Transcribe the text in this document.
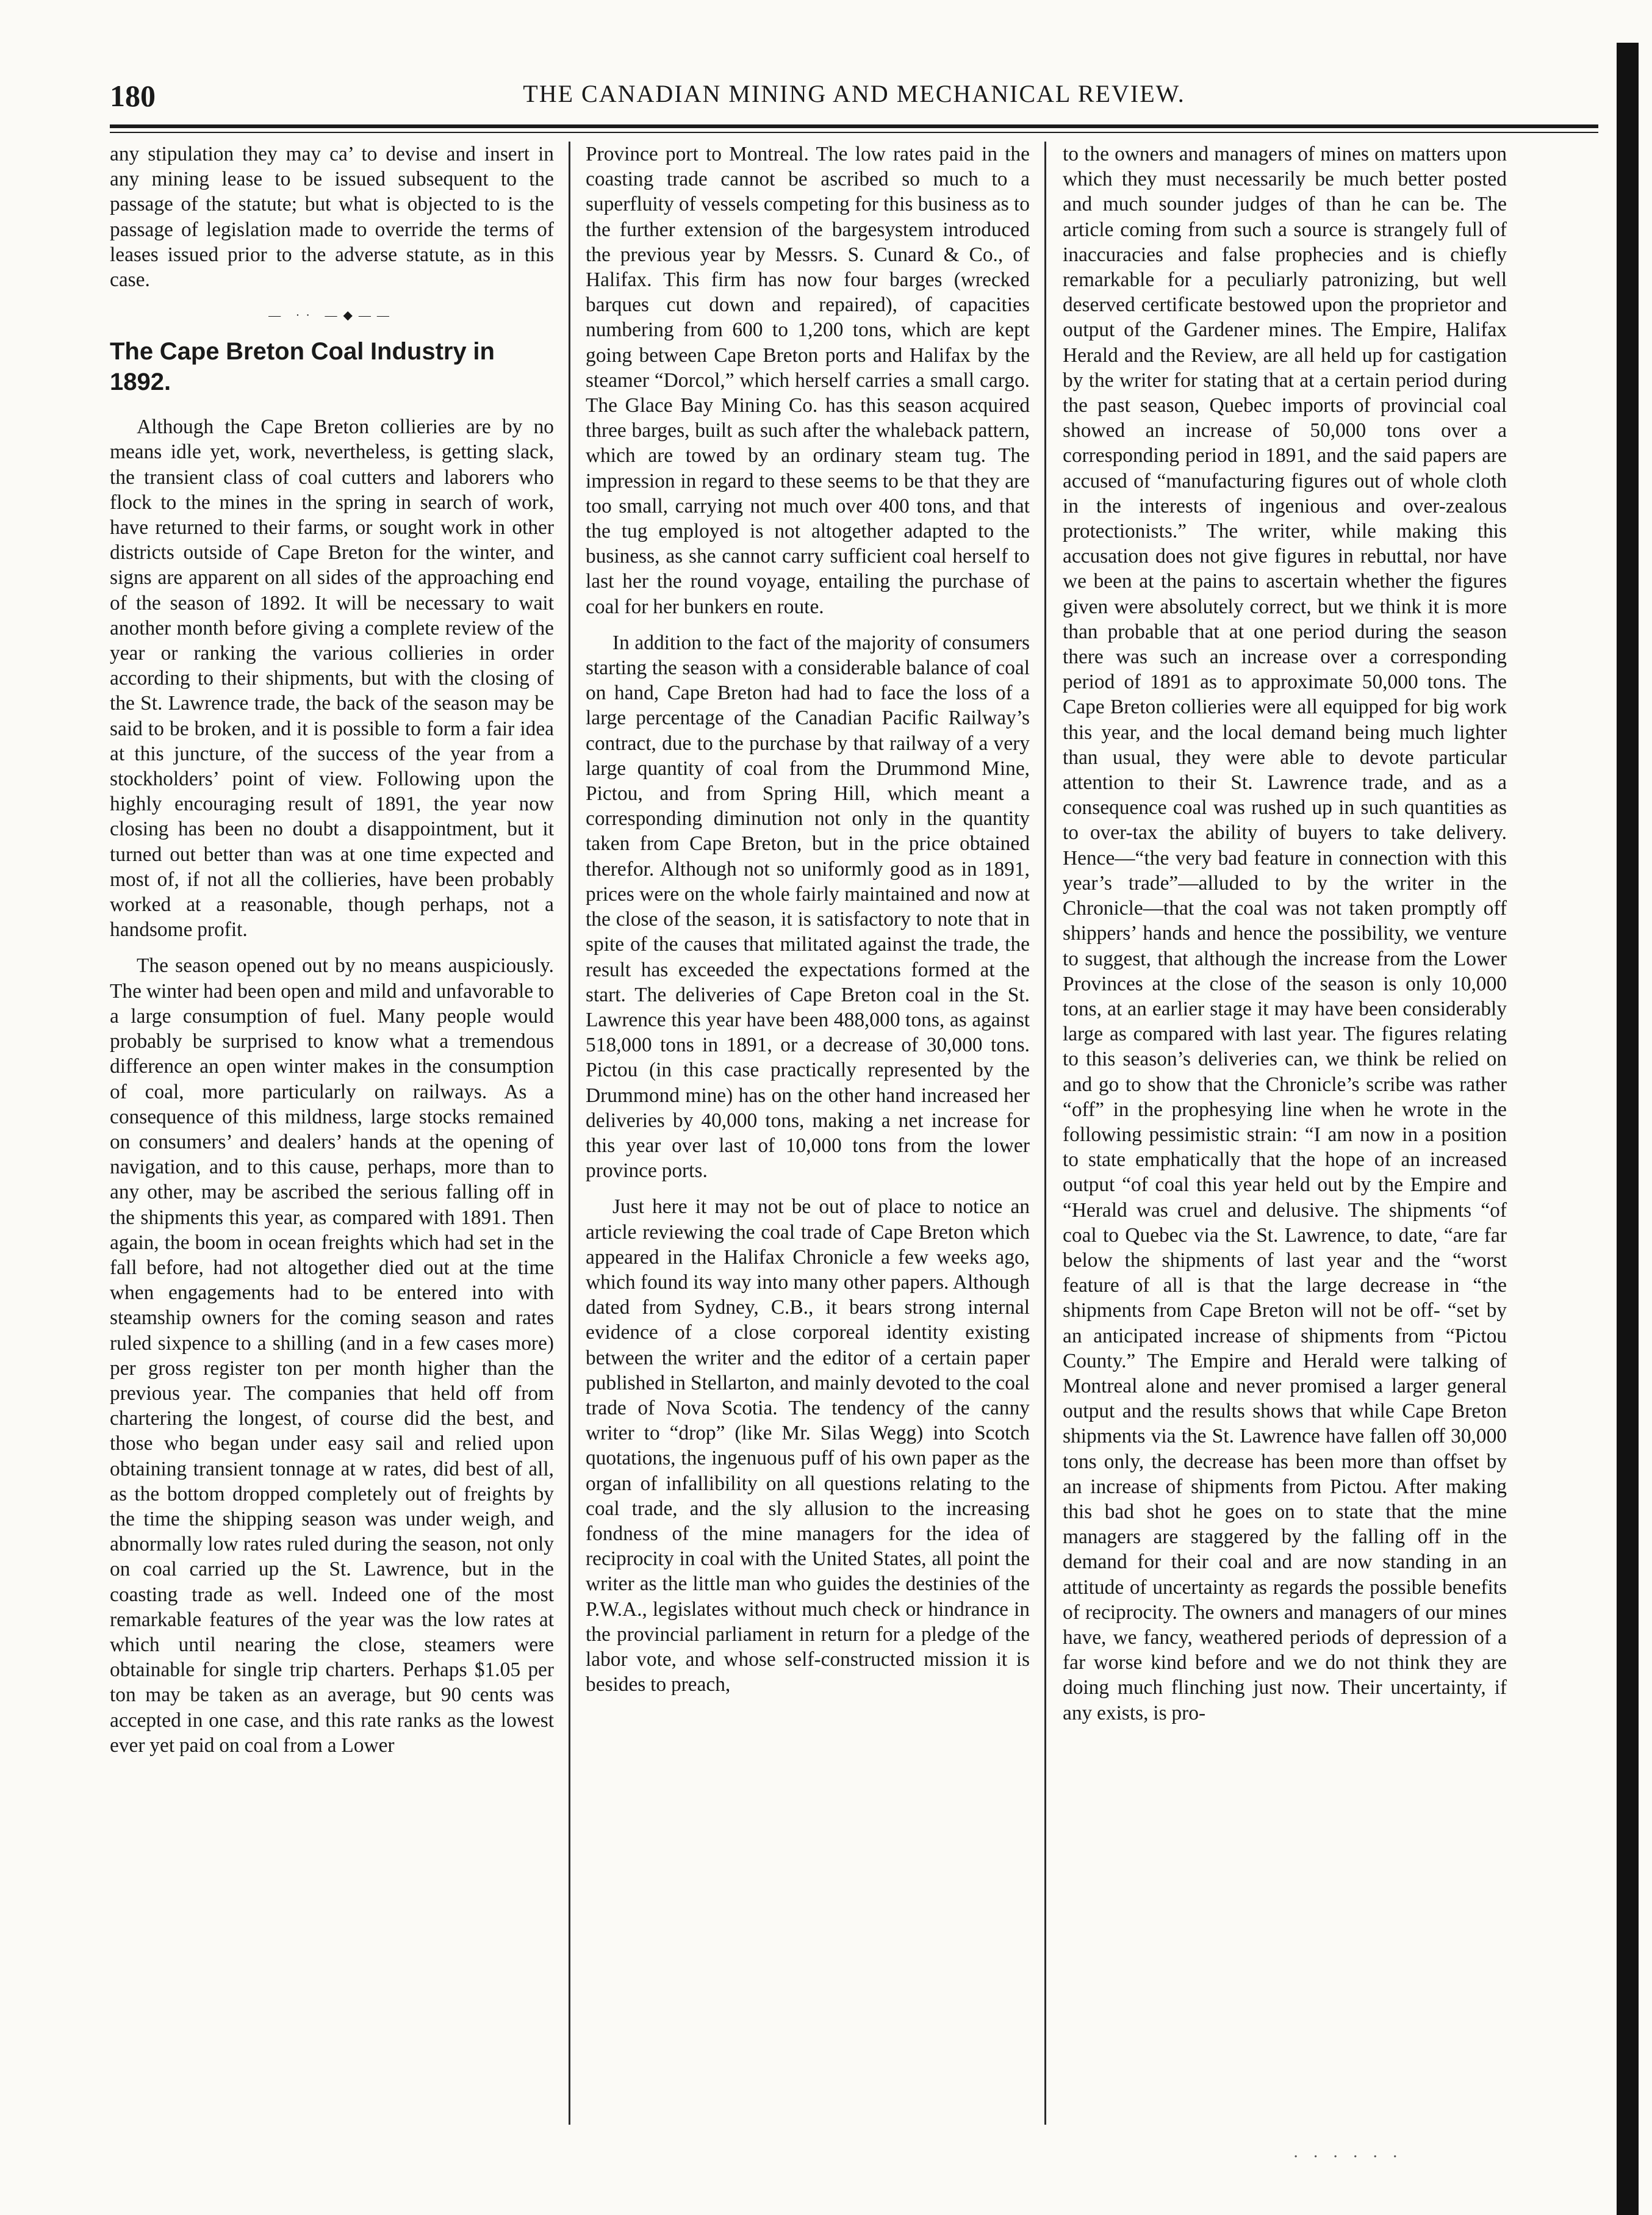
180	THE CANADIAN MINING AND MECHANICAL REVIEW.

any stipulation they may ca’ to devise and insert in any mining lease to be issued subsequent to the passage of the statute; but what is objected to is the passage of legislation made to override the terms of leases issued prior to the adverse statute, as in this case.

— ·· —◆——
The Cape Breton Coal Industry in 1892.

Although the Cape Breton collieries are by no means idle yet, work, nevertheless, is getting slack, the transient class of coal cutters and laborers who flock to the mines in the spring in search of work, have returned to their farms, or sought work in other districts outside of Cape Breton for the winter, and signs are apparent on all sides of the approaching end of the season of 1892. It will be necessary to wait another month before giving a complete review of the year or ranking the various collieries in order according to their shipments, but with the closing of the St. Lawrence trade, the back of the season may be said to be broken, and it is possible to form a fair idea at this juncture, of the success of the year from a stockholders’ point of view. Following upon the highly encouraging result of 1891, the year now closing has been no doubt a disappointment, but it turned out better than was at one time expected and most of, if not all the collieries, have been probably worked at a reasonable, though perhaps, not a handsome profit.

The season opened out by no means auspiciously. The winter had been open and mild and unfavorable to a large consumption of fuel. Many people would probably be surprised to know what a tremendous difference an open winter makes in the consumption of coal, more particularly on railways. As a consequence of this mildness, large stocks remained on consumers’ and dealers’ hands at the opening of navigation, and to this cause, perhaps, more than to any other, may be ascribed the serious falling off in the shipments this year, as compared with 1891. Then again, the boom in ocean freights which had set in the fall before, had not altogether died out at the time when engagements had to be entered into with steamship owners for the coming season and rates ruled sixpence to a shilling (and in a few cases more) per gross register ton per month higher than the previous year. The companies that held off from chartering the longest, of course did the best, and those who began under easy sail and relied upon obtaining transient tonnage at w rates, did best of all, as the bottom dropped completely out of freights by the time the shipping season was under weigh, and abnormally low rates ruled during the season, not only on coal carried up the St. Lawrence, but in the coasting trade as well. Indeed one of the most remarkable features of the year was the low rates at which until nearing the close, steamers were obtainable for single trip charters. Perhaps $1.05 per ton may be taken as an average, but 90 cents was accepted in one case, and this rate ranks as the lowest ever yet paid on coal from a Lower

Province port to Montreal. The low rates paid in the coasting trade cannot be ascribed so much to a superfluity of vessels competing for this business as to the further extension of the bargesystem introduced the previous year by Messrs. S. Cunard & Co., of Halifax. This firm has now four barges (wrecked barques cut down and repaired), of capacities numbering from 600 to 1,200 tons, which are kept going between Cape Breton ports and Halifax by the steamer “Dorcol,” which herself carries a small cargo. The Glace Bay Mining Co. has this season acquired three barges, built as such after the whaleback pattern, which are towed by an ordinary steam tug. The impression in regard to these seems to be that they are too small, carrying not much over 400 tons, and that the tug employed is not altogether adapted to the business, as she cannot carry sufficient coal herself to last her the round voyage, entailing the purchase of coal for her bunkers en route.

In addition to the fact of the majority of consumers starting the season with a considerable balance of coal on hand, Cape Breton had had to face the loss of a large percentage of the Canadian Pacific Railway’s contract, due to the purchase by that railway of a very large quantity of coal from the Drummond Mine, Pictou, and from Spring Hill, which meant a corresponding diminution not only in the quantity taken from Cape Breton, but in the price obtained therefor. Although not so uniformly good as in 1891, prices were on the whole fairly maintained and now at the close of the season, it is satisfactory to note that in spite of the causes that militated against the trade, the result has exceeded the expectations formed at the start. The deliveries of Cape Breton coal in the St. Lawrence this year have been 488,000 tons, as against 518,000 tons in 1891, or a decrease of 30,000 tons. Pictou (in this case practically represented by the Drummond mine) has on the other hand increased her deliveries by 40,000 tons, making a net increase for this year over last of 10,000 tons from the lower province ports.

Just here it may not be out of place to notice an article reviewing the coal trade of Cape Breton which appeared in the Halifax Chronicle a few weeks ago, which found its way into many other papers. Although dated from Sydney, C.B., it bears strong internal evidence of a close corporeal identity existing between the writer and the editor of a certain paper published in Stellarton, and mainly devoted to the coal trade of Nova Scotia. The tendency of the canny writer to “drop” (like Mr. Silas Wegg) into Scotch quotations, the ingenuous puff of his own paper as the organ of infallibility on all questions relating to the coal trade, and the sly allusion to the increasing fondness of the mine managers for the idea of reciprocity in coal with the United States, all point the writer as the little man who guides the destinies of the P.W.A., legislates without much check or hindrance in the provincial parliament in return for a pledge of the labor vote, and whose self-constructed mission it is besides to preach,

to the owners and managers of mines on matters upon which they must necessarily be much better posted and much sounder judges of than he can be. The article coming from such a source is strangely full of inaccuracies and false prophecies and is chiefly remarkable for a peculiarly patronizing, but well deserved certificate bestowed upon the proprietor and output of the Gardener mines. The Empire, Halifax Herald and the Review, are all held up for castigation by the writer for stating that at a certain period during the past season, Quebec imports of provincial coal showed an increase of 50,000 tons over a corresponding period in 1891, and the said papers are accused of “manufacturing figures out of whole cloth in the interests of ingenious and over-zealous protectionists.” The writer, while making this accusation does not give figures in rebuttal, nor have we been at the pains to ascertain whether the figures given were absolutely correct, but we think it is more than probable that at one period during the season there was such an increase over a corresponding period of 1891 as to approximate 50,000 tons. The Cape Breton collieries were all equipped for big work this year, and the local demand being much lighter than usual, they were able to devote particular attention to their St. Lawrence trade, and as a consequence coal was rushed up in such quantities as to over-tax the ability of buyers to take delivery. Hence—“the very bad feature in connection with this year’s trade”—alluded to by the writer in the Chronicle—that the coal was not taken promptly off shippers’ hands and hence the possibility, we venture to suggest, that although the increase from the Lower Provinces at the close of the season is only 10,000 tons, at an earlier stage it may have been considerably large as compared with last year. The figures relating to this season’s deliveries can, we think be relied on and go to show that the Chronicle’s scribe was rather “off” in the prophesying line when he wrote in the following pessimistic strain: “I am now in a position to state emphatically that the hope of an increased output “of coal this year held out by the Empire and “Herald was cruel and delusive. The shipments “of coal to Quebec via the St. Lawrence, to date, “are far below the shipments of last year and the “worst feature of all is that the large decrease in “the shipments from Cape Breton will not be off- “set by an anticipated increase of shipments from “Pictou County.” The Empire and Herald were talking of Montreal alone and never promised a larger general output and the results shows that while Cape Breton shipments via the St. Lawrence have fallen off 30,000 tons only, the decrease has been more than offset by an increase of shipments from Pictou. After making this bad shot he goes on to state that the mine managers are staggered by the falling off in the demand for their coal and are now standing in an attitude of uncertainty as regards the possible benefits of reciprocity. The owners and managers of our mines have, we fancy, weathered periods of depression of a far worse kind before and we do not think they are doing much flinching just now. Their uncertainty, if any exists, is pro-

· · · · · ·
